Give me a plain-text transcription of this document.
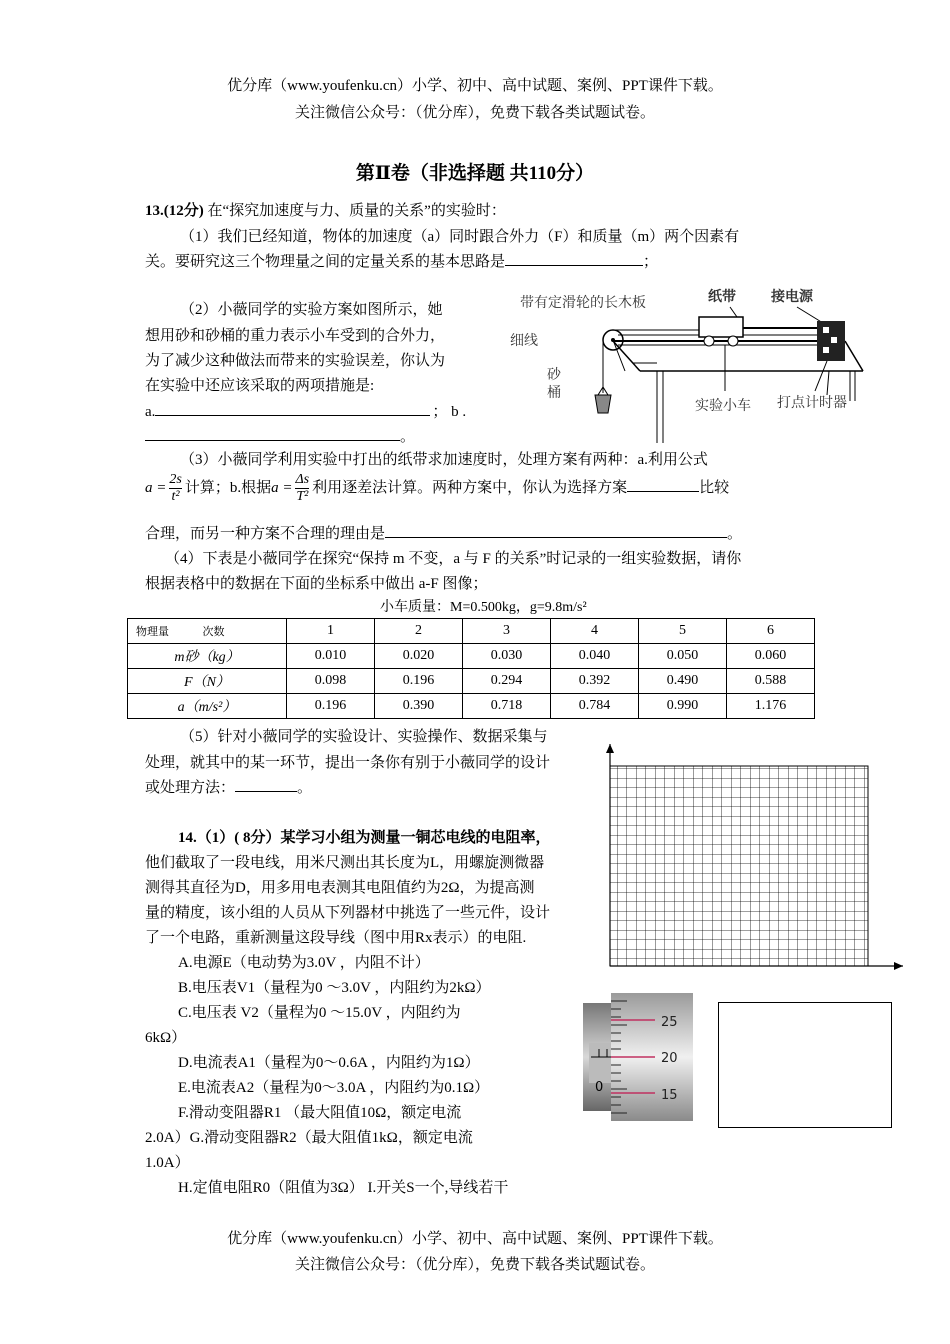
优分库（www.youfenku.cn）小学、初中、高中试题、案例、PPT课件下载。
关注微信公众号：（优分库），免费下载各类试题试卷。
第Ⅱ卷（非选择题 共110分）
13.(12分) 在“探究加速度与力、质量的关系”的实验时：
（1）我们已经知道，物体的加速度（a）同时跟合外力（F）和质量（m）两个因素有
关。要研究这三个物理量之间的定量关系的基本思路是	；
（2）小薇同学的实验方案如图所示，她
想用砂和砂桶的重力表示小车受到的合外力，
为了减少这种做法而带来的实验误差，你认为
在实验中还应该采取的两项措施是:
a.	； b .
。
带有定滑轮的长木板	纸带	接电源
细线
砂
桶
实验小车 打点计时器
（3）小薇同学利用实验中打出的纸带求加速度时，处理方案有两种：a.利用公式
$a = \frac{2s}{\text{t²}}$ 计算；b.根据$a = \frac{\Delta s}{\text{T²}}$ 利用逐差法计算。两种方案中，你认为选择方案	比较
合理，而另一种方案不合理的理由是	。
（4）下表是小薇同学在探究“保持 m 不变，a 与 F 的关系”时记录的一组实验数据，请你
根据表格中的数据在下面的坐标系中做出 a-F 图像；
小车质量：M=0.500kg，g=9.8m/s²
物理量 次数	1	2	3	4	5	6
m砂（kg）	0.010	0.020	0.030	0.040	0.050	0.060
F（N）	0.098	0.196	0.294	0.392	0.490	0.588
a（m/s²）	0.196	0.390	0.718	0.784	0.990	1.176
（5）针对小薇同学的实验设计、实验操作、数据采集与
处理，就其中的某一环节，提出一条你有别于小薇同学的设计
或处理方法：	。
14.（1）( 8分）某学习小组为测量一铜芯电线的电阻率，
他们截取了一段电线，用米尺测出其长度为L，用螺旋测微器
测得其直径为D，用多用电表测其电阻值约为2Ω，为提高测
量的精度，该小组的人员从下列器材中挑选了一些元件，设计
了一个电路，重新测量这段导线（图中用Rx表示）的电阻.
A.电源E（电动势为3.0V ，内阻不计）
B.电压表V1（量程为0 ～3.0V ，内阻约为2kΩ）
C.电压表 V2（量程为0 ～15.0V ，内阻约为
6kΩ）
D.电流表A1（量程为0～0.6A ，内阻约为1Ω）
E.电流表A2（量程为0～3.0A ，内阻约为0.1Ω）
F.滑动变阻器R1 （最大阻值10Ω，额定电流
2.0A）G.滑动变阻器R2（最大阻值1kΩ，额定电流
1.0A）
H.定值电阻R0（阻值为3Ω） I.开关S一个,导线若干
0
25
20
15
优分库（www.youfenku.cn）小学、初中、高中试题、案例、PPT课件下载。
关注微信公众号：（优分库），免费下载各类试题试卷。
